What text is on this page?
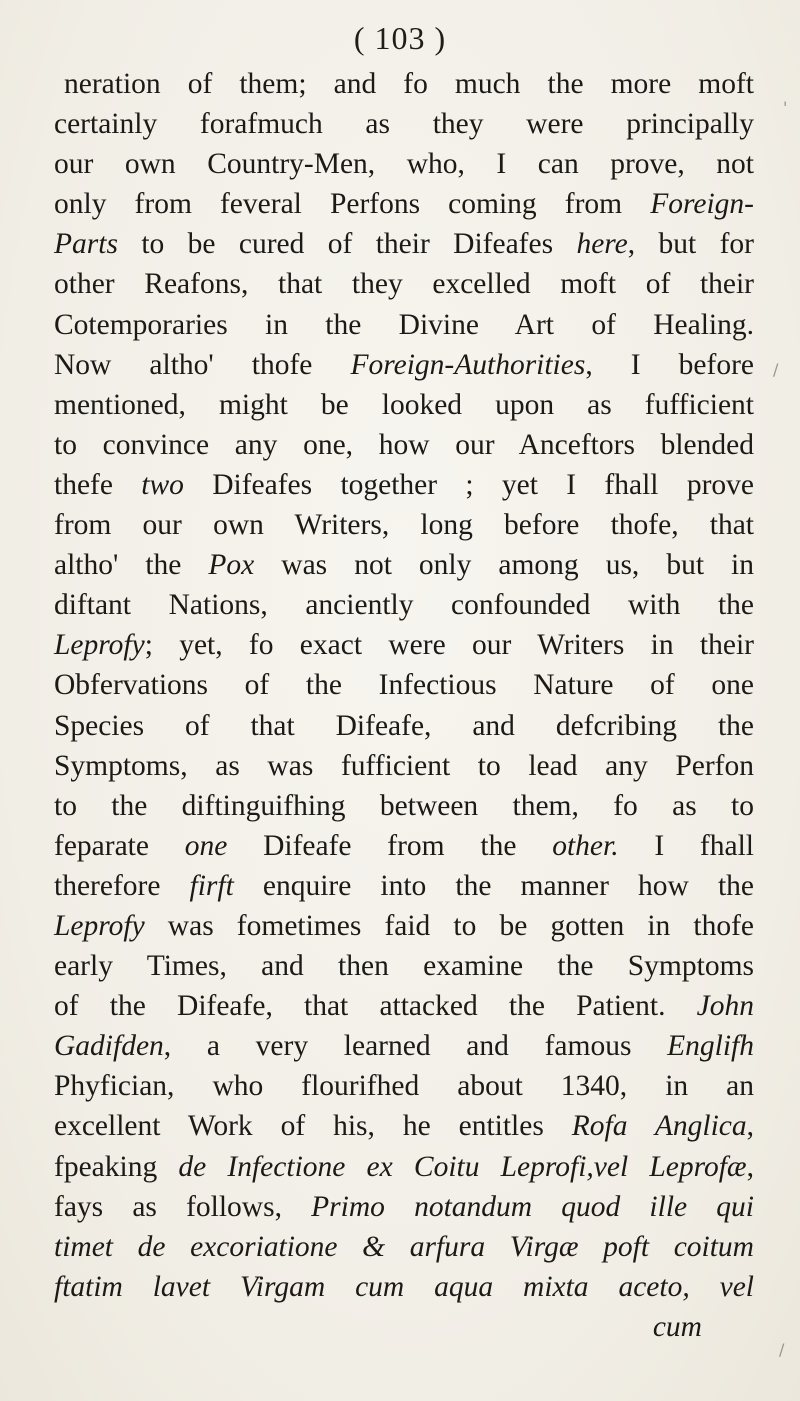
( 103 )
neration of them; and fo much the more moft
certainly forafmuch as they were principally
our own Country-Men, who, I can prove, not
only from feveral Perfons coming from Foreign-
Parts to be cured of their Difeafes here, but for
other Reafons, that they excelled moft of their
Cotemporaries in the Divine Art of Healing.
Now altho' thofe Foreign-Authorities, I before
mentioned, might be looked upon as fufficient
to convince any one, how our Anceftors blended
thefe two Difeafes together ; yet I fhall prove
from our own Writers, long before thofe, that
altho' the Pox was not only among us, but in
diftant Nations, anciently confounded with the
Leprofy; yet, fo exact were our Writers in their
Obfervations of the Infectious Nature of one
Species of that Difeafe, and defcribing the
Symptoms, as was fufficient to lead any Perfon
to the diftinguifhing between them, fo as to
feparate one Difeafe from the other. I fhall
therefore firft enquire into the manner how the
Leprofy was fometimes faid to be gotten in thofe
early Times, and then examine the Symptoms
of the Difeafe, that attacked the Patient. John
Gadifden, a very learned and famous Englifh
Phyfician, who flourifhed about 1340, in an
excellent Work of his, he entitles Rofa Anglica,
fpeaking de Infectione ex Coitu Leprofi,vel Leprofæ,
fays as follows, Primo notandum quod ille qui
timet de excoriatione & arfura Virgæ poft coitum
ftatim lavet Virgam cum aqua mixta aceto, vel
cum
'
/
/
